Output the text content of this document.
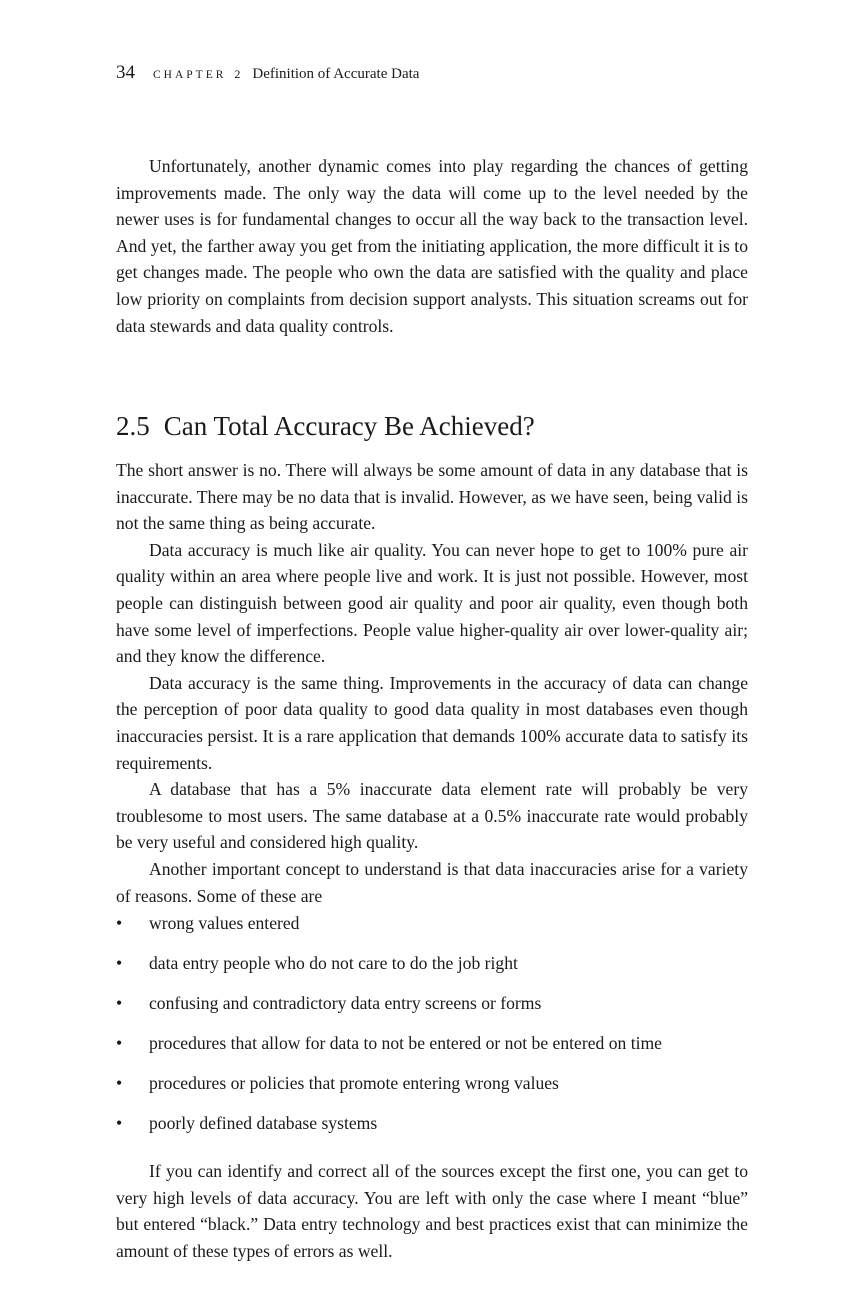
34 CHAPTER 2 Definition of Accurate Data

Unfortunately, another dynamic comes into play regarding the chances of getting improvements made. The only way the data will come up to the level needed by the newer uses is for fundamental changes to occur all the way back to the transaction level. And yet, the farther away you get from the initiating application, the more difficult it is to get changes made. The people who own the data are satisfied with the quality and place low priority on complaints from decision support analysts. This situation screams out for data stewards and data quality controls.

2.5 Can Total Accuracy Be Achieved?

The short answer is no. There will always be some amount of data in any database that is inaccurate. There may be no data that is invalid. However, as we have seen, being valid is not the same thing as being accurate.

Data accuracy is much like air quality. You can never hope to get to 100% pure air quality within an area where people live and work. It is just not possible. However, most people can distinguish between good air quality and poor air quality, even though both have some level of imperfections. People value higher-quality air over lower-quality air; and they know the difference.

Data accuracy is the same thing. Improvements in the accuracy of data can change the perception of poor data quality to good data quality in most databases even though inaccuracies persist. It is a rare application that demands 100% accurate data to satisfy its requirements.

A database that has a 5% inaccurate data element rate will probably be very troublesome to most users. The same database at a 0.5% inaccurate rate would probably be very useful and considered high quality.

Another important concept to understand is that data inaccuracies arise for a variety of reasons. Some of these are

• wrong values entered
• data entry people who do not care to do the job right
• confusing and contradictory data entry screens or forms
• procedures that allow for data to not be entered or not be entered on time
• procedures or policies that promote entering wrong values
• poorly defined database systems

If you can identify and correct all of the sources except the first one, you can get to very high levels of data accuracy. You are left with only the case where I meant “blue” but entered “black.” Data entry technology and best practices exist that can minimize the amount of these types of errors as well.
